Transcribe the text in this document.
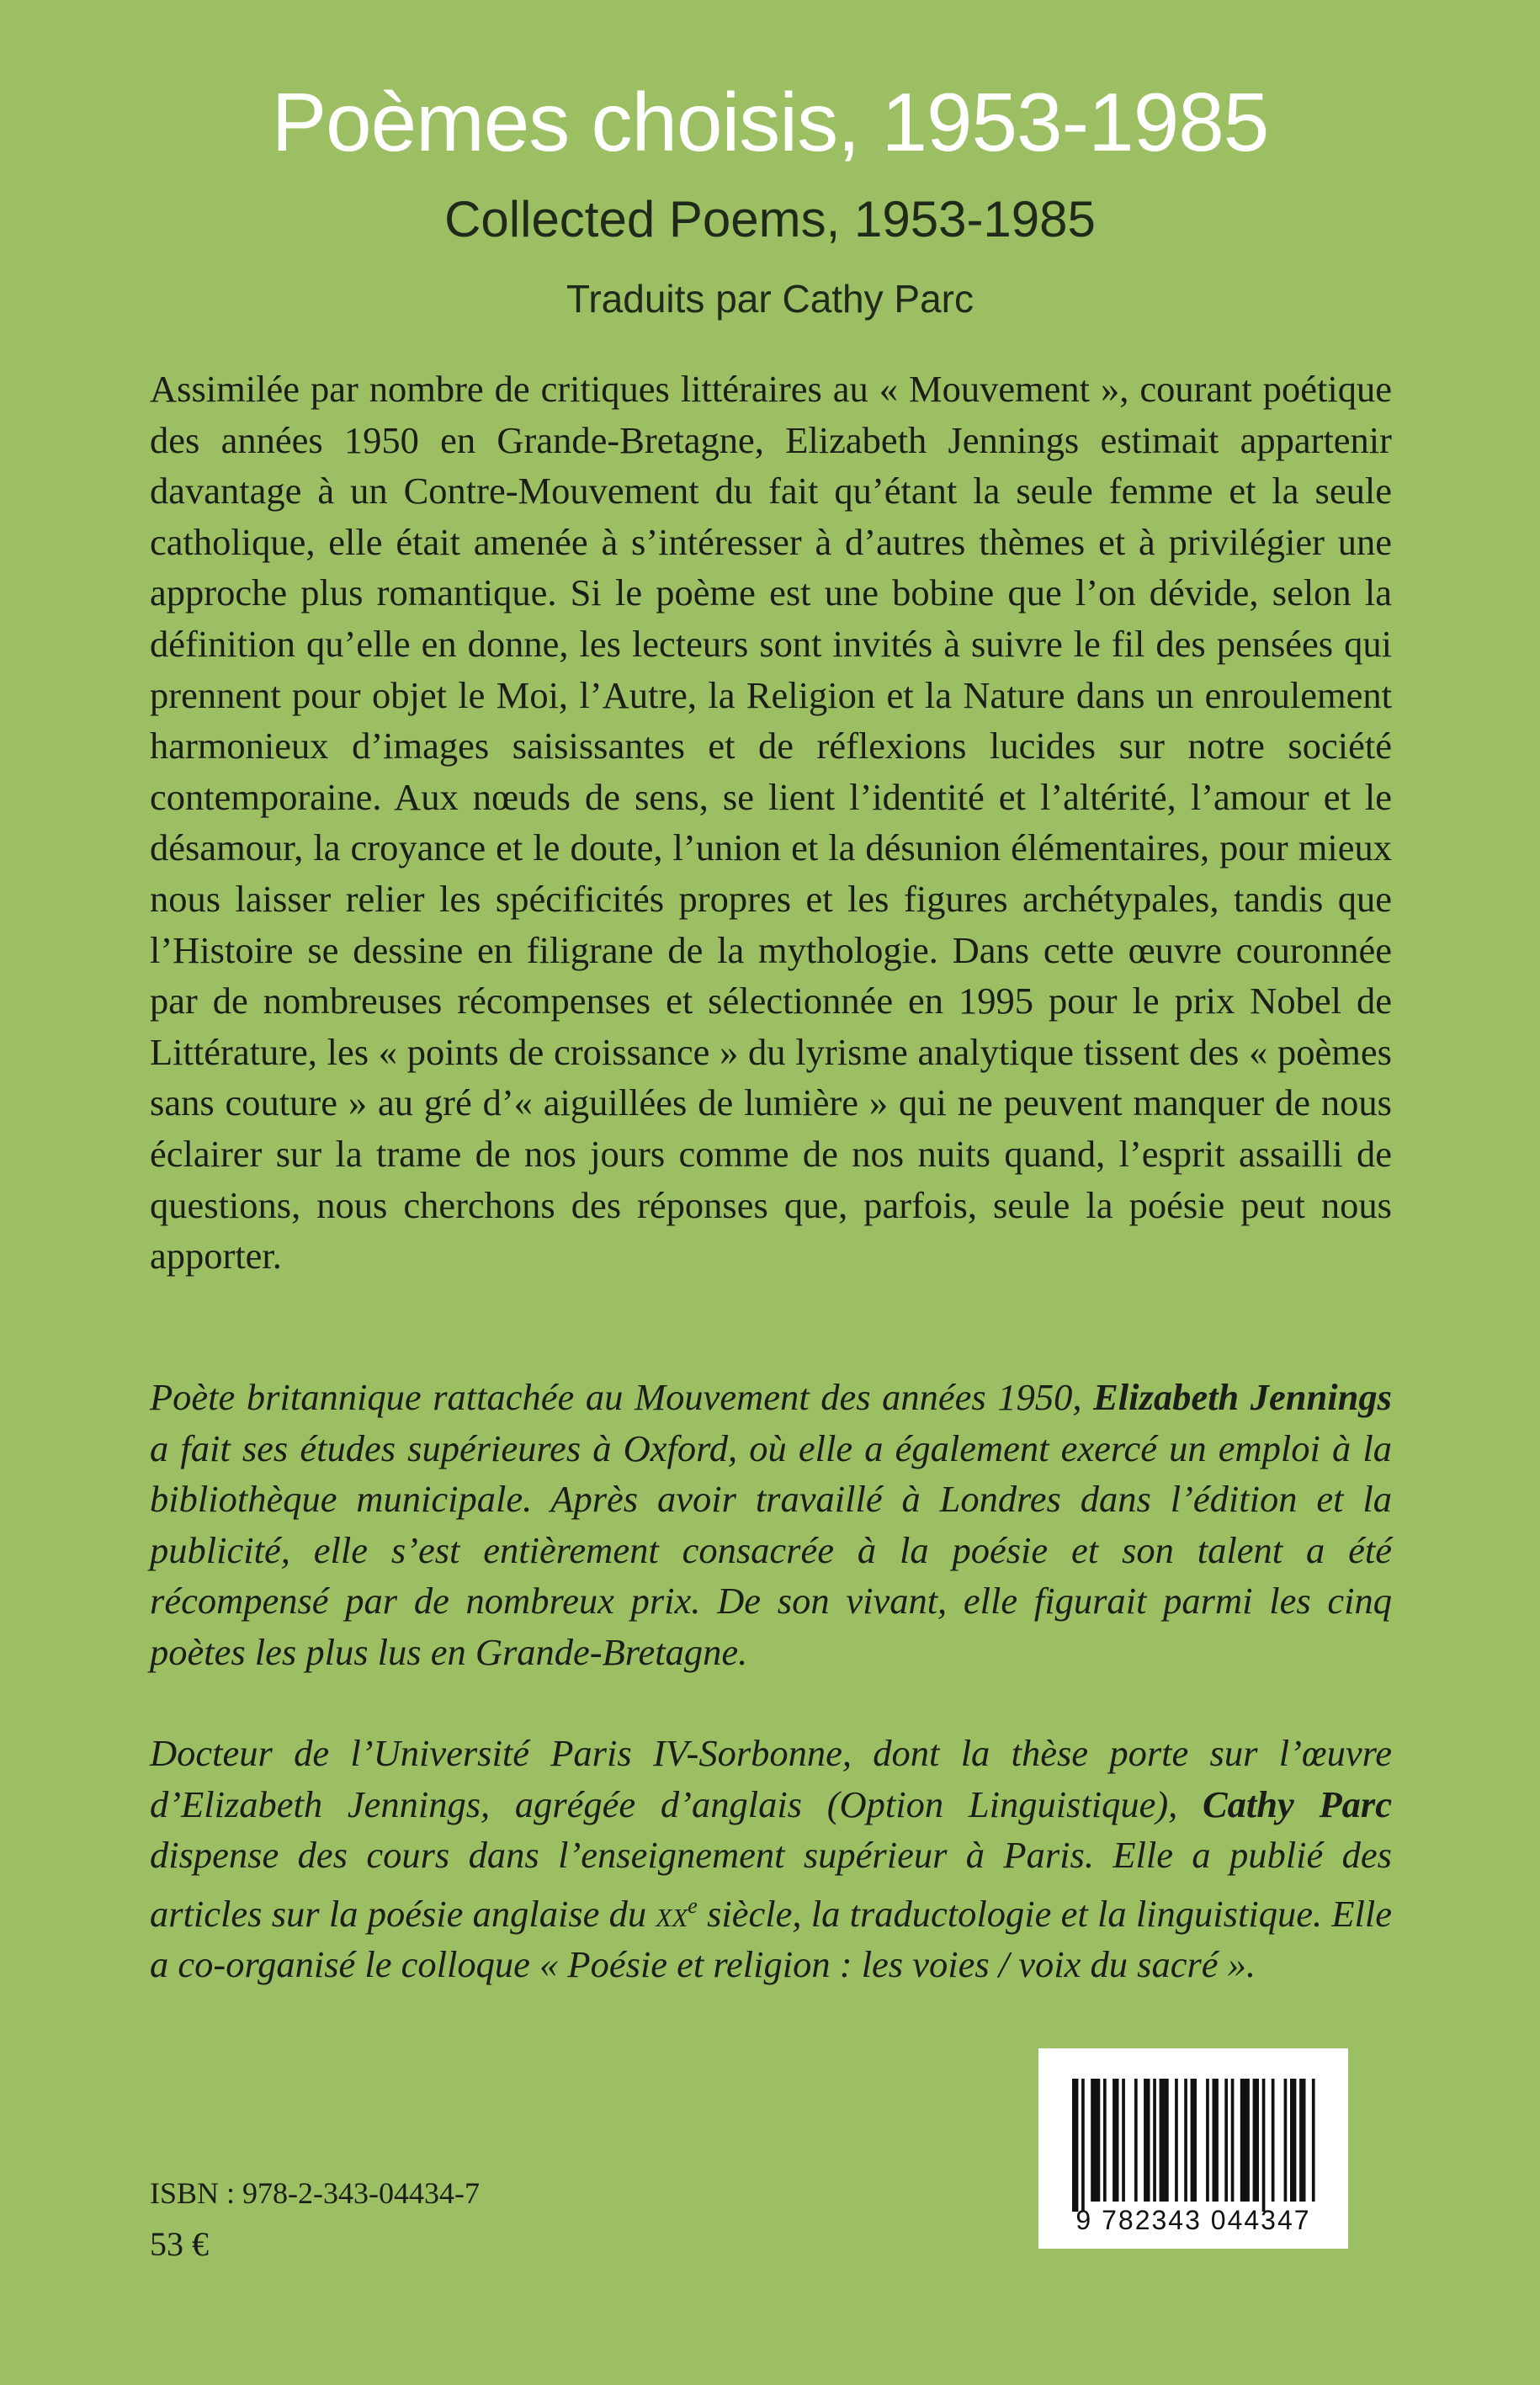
Poèmes choisis, 1953-1985
Collected Poems, 1953-1985
Traduits par Cathy Parc
Assimilée par nombre de critiques littéraires au « Mouvement », courant poétique des années 1950 en Grande-Bretagne, Elizabeth Jennings estimait appartenir davantage à un Contre-Mouvement du fait qu’étant la seule femme et la seule catholique, elle était amenée à s’intéresser à d’autres thèmes et à privilégier une approche plus romantique. Si le poème est une bobine que l’on dévide, selon la définition qu’elle en donne, les lecteurs sont invités à suivre le fil des pensées qui prennent pour objet le Moi, l’Autre, la Religion et la Nature dans un enroulement harmonieux d’images saisissantes et de réflexions lucides sur notre société contemporaine. Aux nœuds de sens, se lient l’identité et l’altérité, l’amour et le désamour, la croyance et le doute, l’union et la désunion élémentaires, pour mieux nous laisser relier les spécificités propres et les figures archétypales, tandis que l’Histoire se dessine en filigrane de la mythologie. Dans cette œuvre couronnée par de nombreuses récompenses et sélectionnée en 1995 pour le prix Nobel de Littérature, les « points de croissance » du lyrisme analytique tissent des « poèmes sans couture » au gré d’« aiguillées de lumière » qui ne peuvent manquer de nous éclairer sur la trame de nos jours comme de nos nuits quand, l’esprit assailli de questions, nous cherchons des réponses que, parfois, seule la poésie peut nous apporter.
Poète britannique rattachée au Mouvement des années 1950, Elizabeth Jennings a fait ses études supérieures à Oxford, où elle a également exercé un emploi à la bibliothèque municipale. Après avoir travaillé à Londres dans l’édition et la publicité, elle s’est entièrement consacrée à la poésie et son talent a été récompensé par de nombreux prix. De son vivant, elle figurait parmi les cinq poètes les plus lus en Grande-Bretagne.
Docteur de l’Université Paris IV-Sorbonne, dont la thèse porte sur l’œuvre d’Elizabeth Jennings, agrégée d’anglais (Option Linguistique), Cathy Parc dispense des cours dans l’enseignement supérieur à Paris. Elle a publié des articles sur la poésie anglaise du $xx^e$ siècle, la traductologie et la linguistique. Elle a co-organisé le colloque « Poésie et religion : les voies / voix du sacré ».
9 782343 044347
ISBN : 978-2-343-04434-7
53 €
